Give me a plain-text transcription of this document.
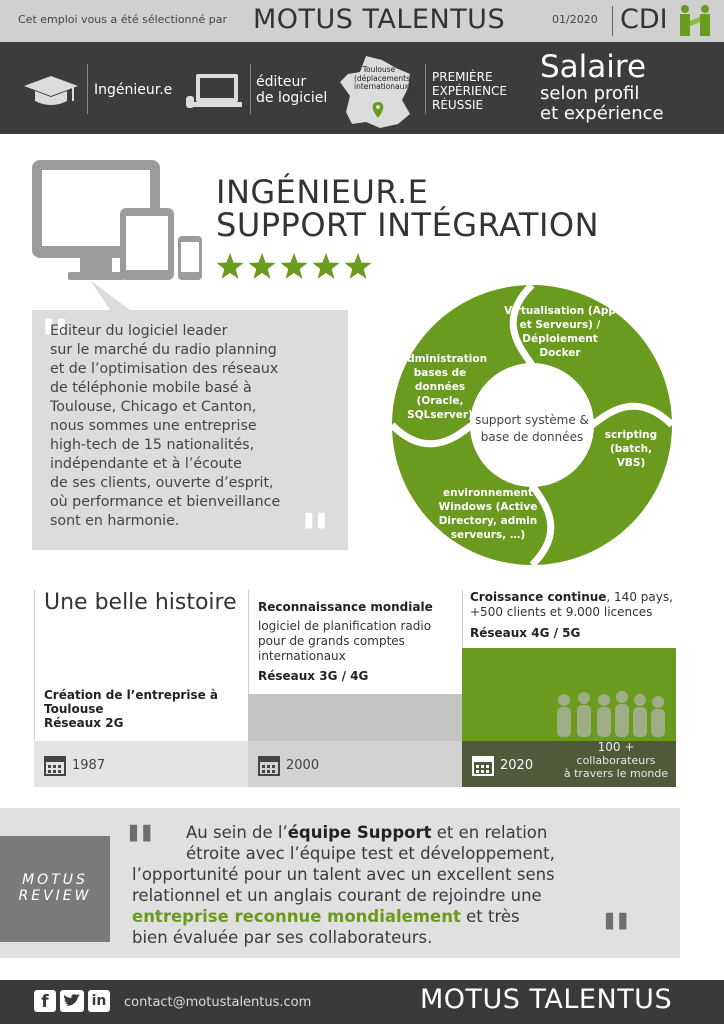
Cet emploi vous a été sélectionné par MOTUS TALENTUS	01/2020 CDI
Ingénieur.e	éditeur
de logiciel
Toulouse
(déplacements
internationaux)
PREMIÈRE
EXPÉRIENCE
RÉUSSIE
Salaire
selon profil
et expérience
INGÉNIEUR.E
SUPPORT INTÉGRATION
"
"
Editeur du logiciel leader
sur le marché du radio planning
et de l’optimisation des réseaux
de téléphonie mobile basé à
Toulouse, Chicago et Canton,
nous sommes une entreprise
high-tech de 15 nationalités,
indépendante et à l’écoute
de ses clients, ouverte d’esprit,
où performance et bienveillance
sont en harmonie.
support système &
base de données
Virtualisation (App
et Serveurs) /
Déploiement
Docker
scripting
(batch, VBS)
environnement
Windows (Active
Directory, admin
serveurs, …)
administration
bases de
données
(Oracle,
SQLserver)
Une belle histoire
Création de l’entreprise à
Toulouse
Réseaux 2G
Reconnaissance mondiale
logiciel de planification radio
pour de grands comptes
internationaux
Réseaux 3G / 4G
Croissance continue, 140 pays,
+500 clients et 9.000 licences
Réseaux 4G / 5G
1987	2000	2020
100 +
collaborateurs
à travers le monde
MOTUS
REVIEW
"
"
Au sein de l’équipe Support et en relation
étroite avec l’équipe test et développement,
l’opportunité pour un talent avec un excellent sens
relationnel et un anglais courant de rejoindre une
entreprise reconnue mondialement et très
bien évaluée par ses collaborateurs.
f	in contact@motustalentus.com	MOTUS TALENTUS
